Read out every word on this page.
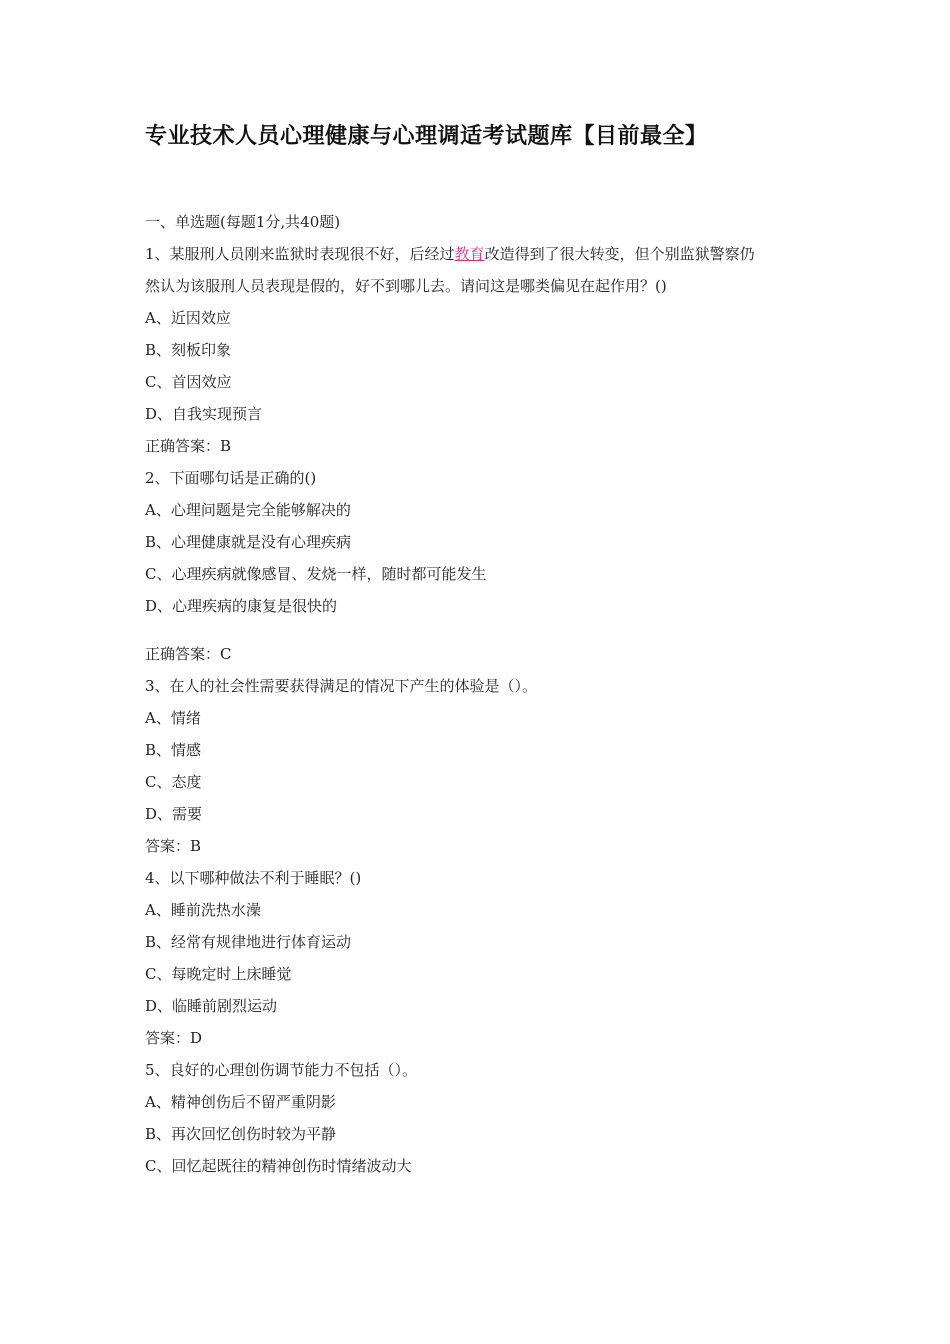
专业技术人员心理健康与心理调适考试题库【目前最全】
一、单选题(每题1分,共40题)
1、某服刑人员刚来监狱时表现很不好，后经过教育改造得到了很大转变，但个别监狱警察仍
然认为该服刑人员表现是假的，好不到哪儿去。请问这是哪类偏见在起作用？()
A、近因效应
B、刻板印象
C、首因效应
D、自我实现预言
正确答案：B
2、下面哪句话是正确的()
A、心理问题是完全能够解决的
B、心理健康就是没有心理疾病
C、心理疾病就像感冒、发烧一样，随时都可能发生
D、心理疾病的康复是很快的
正确答案：C
3、在人的社会性需要获得满足的情况下产生的体验是（）。
A、情绪
B、情感
C、态度
D、需要
答案：B
4、以下哪种做法不利于睡眠？()
A、睡前洗热水澡
B、经常有规律地进行体育运动
C、每晚定时上床睡觉
D、临睡前剧烈运动
答案：D
5、良好的心理创伤调节能力不包括（）。
A、精神创伤后不留严重阴影
B、再次回忆创伤时较为平静
C、回忆起既往的精神创伤时情绪波动大
